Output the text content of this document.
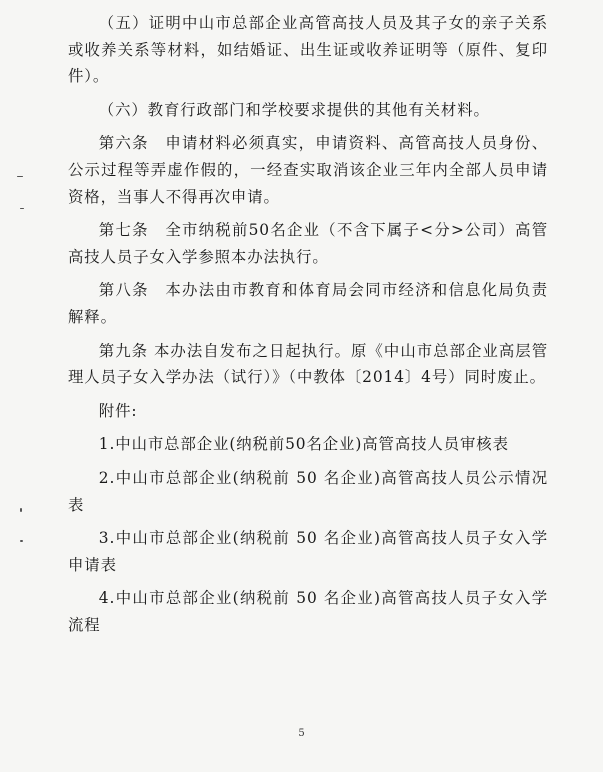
（五）证明中山市总部企业高管高技人员及其子女的亲子关系或收养关系等材料，如结婚证、出生证或收养证明等（原件、复印件）。

（六）教育行政部门和学校要求提供的其他有关材料。

第六条　申请材料必须真实，申请资料、高管高技人员身份、公示过程等弄虚作假的，一经查实取消该企业三年内全部人员申请资格，当事人不得再次申请。

第七条　全市纳税前50名企业（不含下属子<分>公司）高管高技人员子女入学参照本办法执行。

第八条　本办法由市教育和体育局会同市经济和信息化局负责解释。

第九条 本办法自发布之日起执行。原《中山市总部企业高层管理人员子女入学办法（试行）》（中教体〔2014〕4号）同时废止。

附件:

1.中山市总部企业(纳税前50名企业)高管高技人员审核表

2.中山市总部企业(纳税前 50 名企业)高管高技人员公示情况表

3.中山市总部企业(纳税前 50 名企业)高管高技人员子女入学申请表

4.中山市总部企业(纳税前 50 名企业)高管高技人员子女入学流程

5
